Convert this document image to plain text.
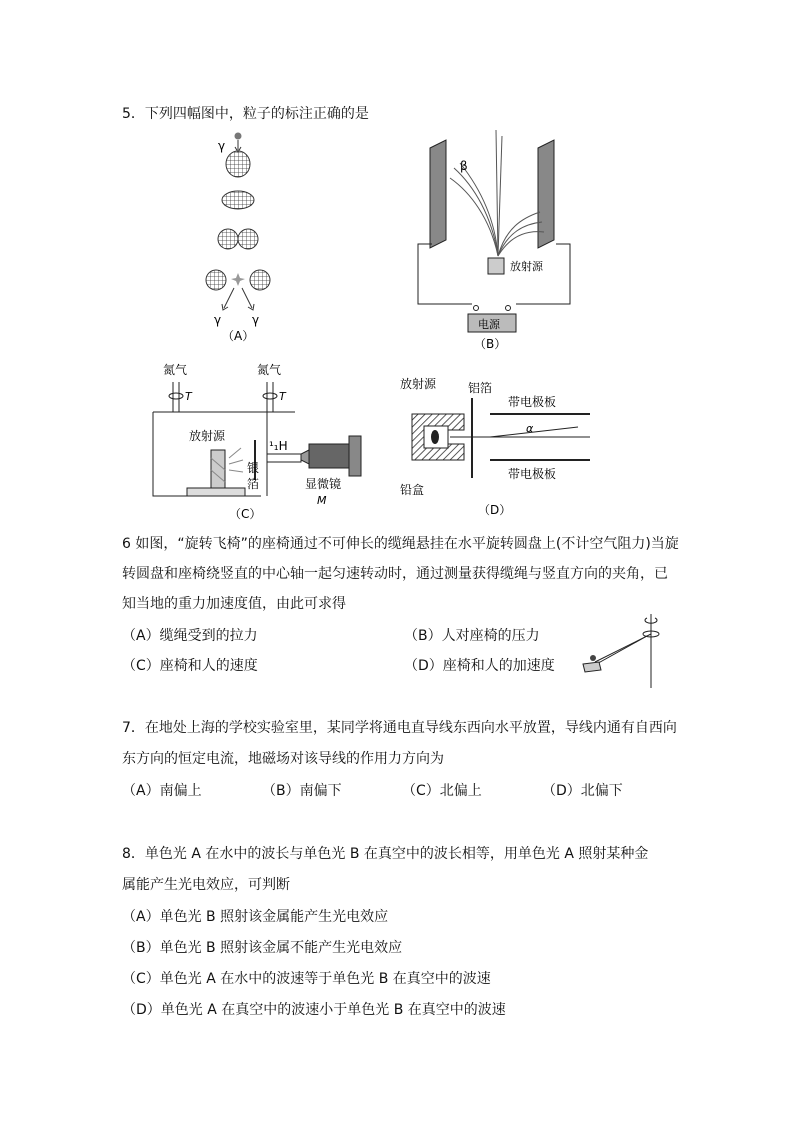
5．下列四幅图中，粒子的标注正确的是
γ
γ	γ
（A）
β
放射源
电源
（B）
氮气	氮气
T	T
放射源
银
箔
¹₁H
显微镜
M
（C）
放射源	铝箔
带电极板
带电极板
α
铅盒
（D）
6 如图，“旋转飞椅”的座椅通过不可伸长的缆绳悬挂在水平旋转圆盘上(不计空气阻力)当旋
转圆盘和座椅绕竖直的中心轴一起匀速转动时，通过测量获得缆绳与竖直方向的夹角，已
知当地的重力加速度值，由此可求得
（A）缆绳受到的拉力	（B）人对座椅的压力
（C）座椅和人的速度	（D）座椅和人的加速度
7．在地处上海的学校实验室里，某同学将通电直导线东西向水平放置，导线内通有自西向
东方向的恒定电流，地磁场对该导线的作用力方向为
（A）南偏上	（B）南偏下	（C）北偏上	（D）北偏下
8．单色光 A 在水中的波长与单色光 B 在真空中的波长相等，用单色光 A 照射某种金
属能产生光电效应，可判断
（A）单色光 B 照射该金属能产生光电效应
（B）单色光 B 照射该金属不能产生光电效应
（C）单色光 A 在水中的波速等于单色光 B 在真空中的波速
（D）单色光 A 在真空中的波速小于单色光 B 在真空中的波速
